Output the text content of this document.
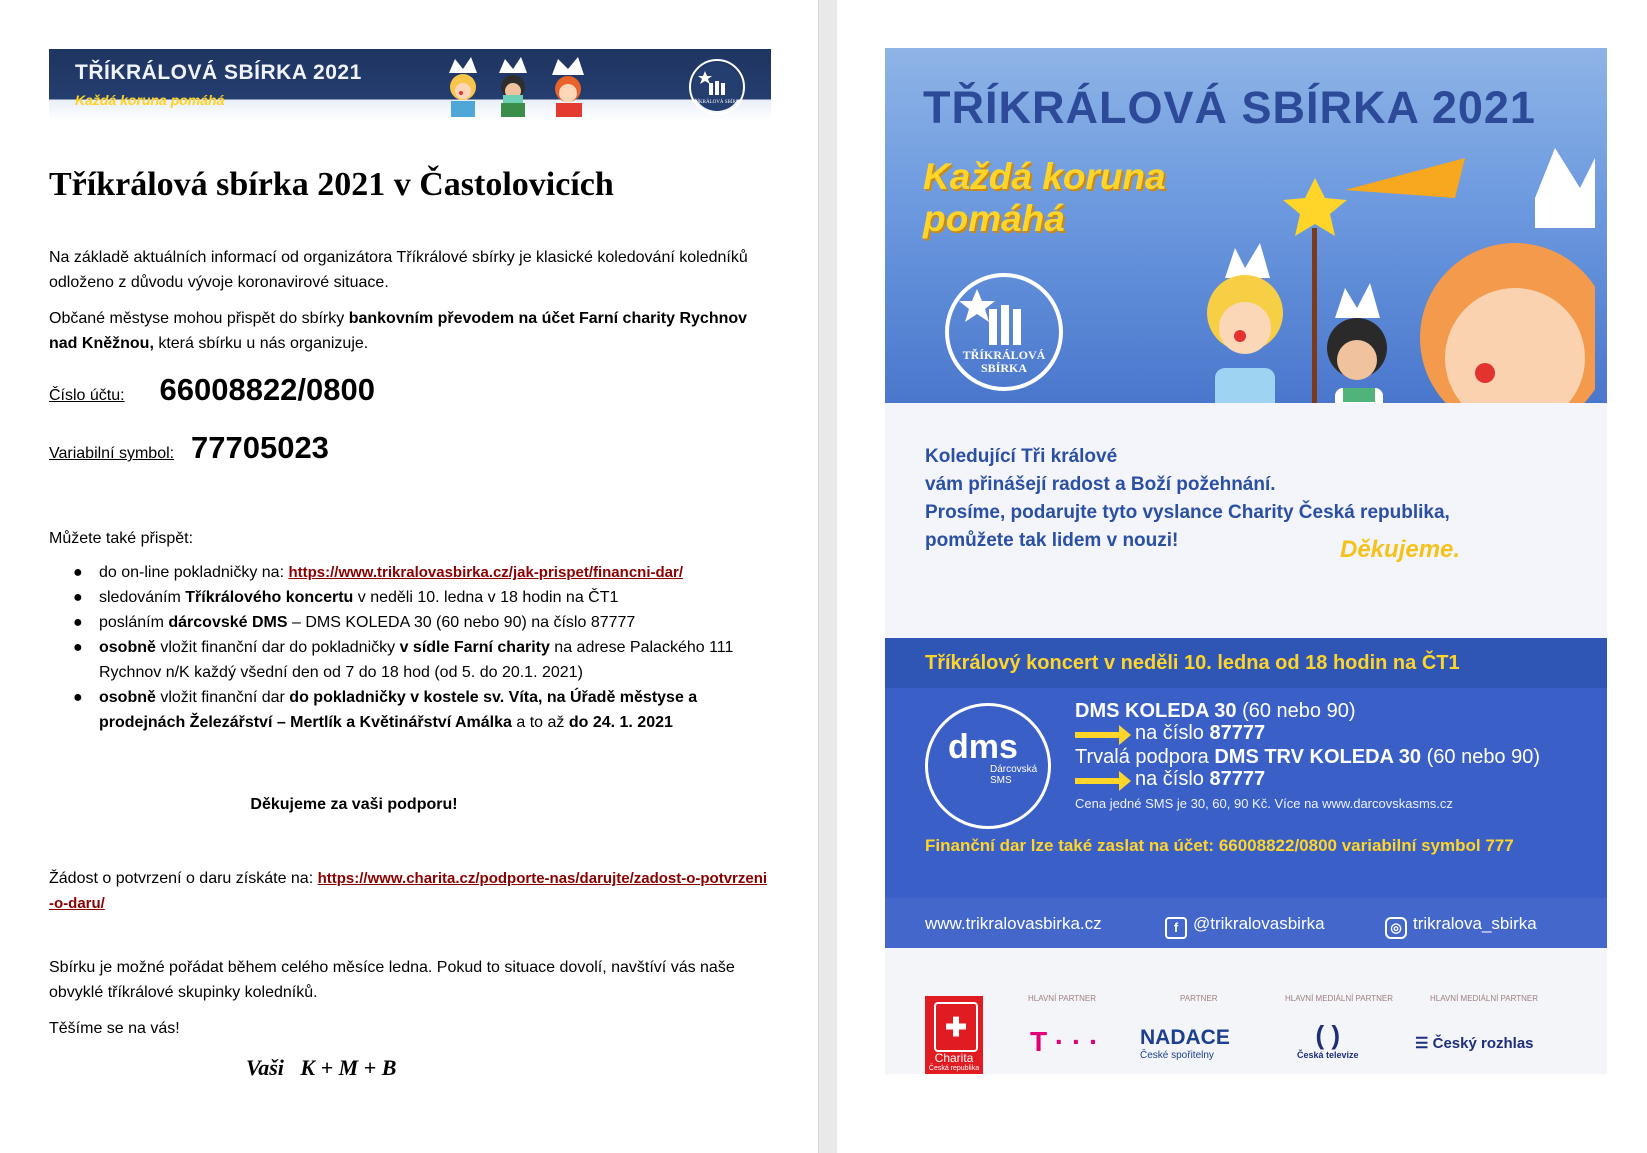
TŘÍKRÁLOVÁ SBÍRKA 2021
Každá koruna pomáhá	TŘÍKRÁLOVÁ SBÍRKA
Tříkrálová sbírka 2021 v Častolovicích
Na základě aktuálních informací od organizátora Tříkrálové sbírky je klasické koledování koledníků odloženo z důvodu vývoje koronavirové situace.
Občané městyse mohou přispět do sbírky bankovním převodem na účet Farní charity Rychnov nad Kněžnou, která sbírku u nás organizuje.
Číslo účtu: 66008822/0800
Variabilní symbol: 77705023
Můžete také přispět:
● do on-line pokladničky na: https://www.trikralovasbirka.cz/jak-prispet/financni-dar/
● sledováním Tříkrálového koncertu v neděli 10. ledna v 18 hodin na ČT1
● posláním dárcovské DMS – DMS KOLEDA 30 (60 nebo 90) na číslo 87777
● osobně vložit finanční dar do pokladničky v sídle Farní charity na adrese Palackého 111 Rychnov n/K každý všední den od 7 do 18 hod (od 5. do 20.1. 2021)
● osobně vložit finanční dar do pokladničky v kostele sv. Víta, na Úřadě městyse a prodejnách Železářství – Mertlík a Květinářství Amálka a to až do 24. 1. 2021
Děkujeme za vaši podporu!
Žádost o potvrzení o daru získáte na: https://www.charita.cz/podporte-nas/darujte/zadost-o-potvrzeni-o-daru/
Sbírku je možné pořádat během celého měsíce ledna. Pokud to situace dovolí, navštíví vás naše obvyklé tříkrálové skupinky koledníků.
Těšíme se na vás!
Vaši   K + M + B
TŘÍKRÁLOVÁ SBÍRKA 2021
Každá koruna pomáhá
TŘÍKRÁLOVÁ SBÍRKA
Koledující Tři králové
vám přinášejí radost a Boží požehnání.
Prosíme, podarujte tyto vyslance Charity Česká republika,
pomůžete tak lidem v nouzi!	Děkujeme.
Tříkrálový koncert v neděli 10. ledna od 18 hodin na ČT1
dms
Dárcovská SMS
DMS KOLEDA 30 (60 nebo 90)
na číslo 87777
Trvalá podpora DMS TRV KOLEDA 30 (60 nebo 90)
na číslo 87777
Cena jedné SMS je 30, 60, 90 Kč. Více na www.darcovskasms.cz
Finanční dar lze také zaslat na účet: 66008822/0800 variabilní symbol 777
www.trikralovasbirka.cz	f @trikralovasbirka	◎ trikralova_sbirka
✚
Charita
Česká republika
HLAVNÍ PARTNER
T · · ·
PARTNER
NADACE
České spořitelny
HLAVNÍ MEDIÁLNÍ PARTNER
( )
Česká televize
HLAVNÍ MEDIÁLNÍ PARTNER
☰ Český rozhlas
